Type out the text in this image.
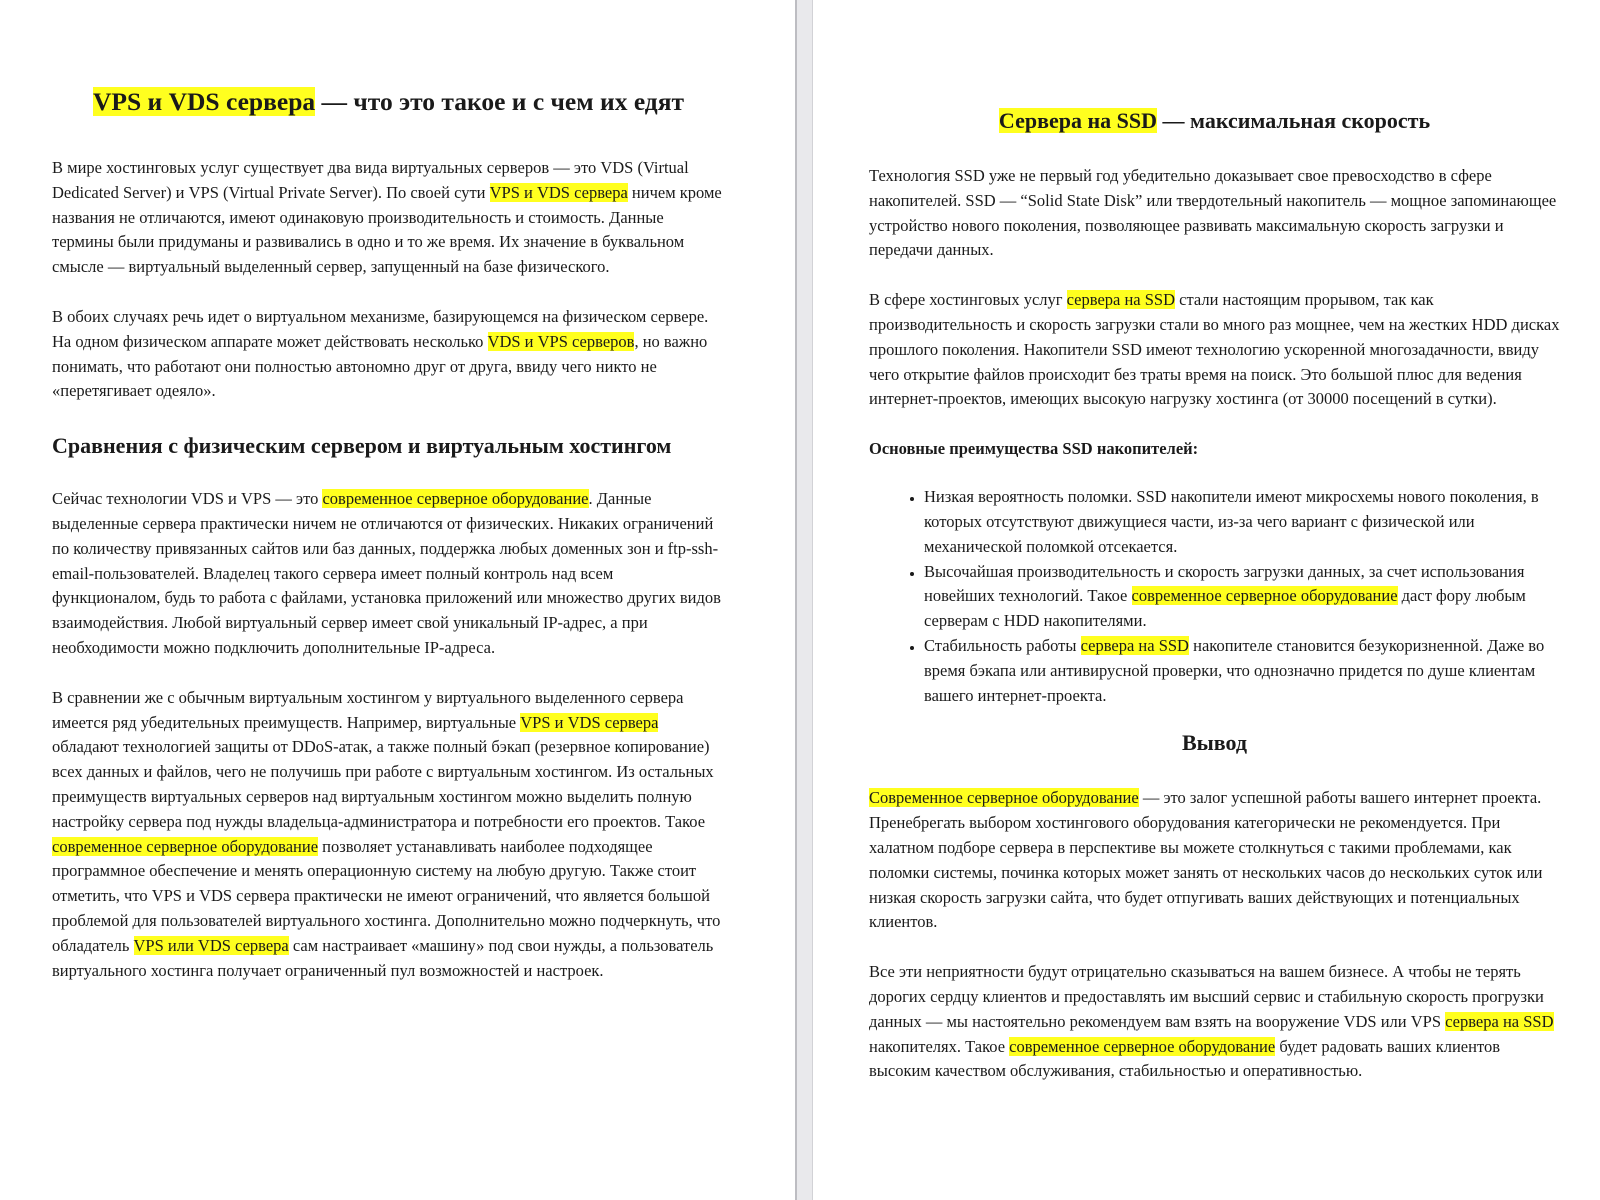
VPS и VDS сервера — что это такое и с чем их едят

В мире хостинговых услуг существует два вида виртуальных серверов — это VDS (Virtual Dedicated Server) и VPS (Virtual Private Server). По своей сути VPS и VDS сервера ничем кроме названия не отличаются, имеют одинаковую производительность и стоимость. Данные термины были придуманы и развивались в одно и то же время. Их значение в буквальном смысле — виртуальный выделенный сервер, запущенный на базе физического.

В обоих случаях речь идет о виртуальном механизме, базирующемся на физическом сервере. На одном физическом аппарате может действовать несколько VDS и VPS серверов, но важно понимать, что работают они полностью автономно друг от друга, ввиду чего никто не «перетягивает одеяло».

Сравнения с физическим сервером и виртуальным хостингом

Сейчас технологии VDS и VPS — это современное серверное оборудование. Данные выделенные сервера практически ничем не отличаются от физических. Никаких ограничений по количеству привязанных сайтов или баз данных, поддержка любых доменных зон и ftp-ssh-email-пользователей. Владелец такого сервера имеет полный контроль над всем функционалом, будь то работа с файлами, установка приложений или множество других видов взаимодействия. Любой виртуальный сервер имеет свой уникальный IP-адрес, а при необходимости можно подключить дополнительные IP-адреса.

В сравнении же с обычным виртуальным хостингом у виртуального выделенного сервера имеется ряд убедительных преимуществ. Например, виртуальные VPS и VDS сервера обладают технологией защиты от DDoS-атак, а также полный бэкап (резервное копирование) всех данных и файлов, чего не получишь при работе с виртуальным хостингом. Из остальных преимуществ виртуальных серверов над виртуальным хостингом можно выделить полную настройку сервера под нужды владельца-администратора и потребности его проектов. Такое современное серверное оборудование позволяет устанавливать наиболее подходящее программное обеспечение и менять операционную систему на любую другую. Также стоит отметить, что VPS и VDS сервера практически не имеют ограничений, что является большой проблемой для пользователей виртуального хостинга. Дополнительно можно подчеркнуть, что обладатель VPS или VDS сервера сам настраивает «машину» под свои нужды, а пользователь виртуального хостинга получает ограниченный пул возможностей и настроек.

Сервера на SSD — максимальная скорость

Технология SSD уже не первый год убедительно доказывает свое превосходство в сфере накопителей. SSD — “Solid State Disk” или твердотельный накопитель — мощное запоминающее устройство нового поколения, позволяющее развивать максимальную скорость загрузки и передачи данных.

В сфере хостинговых услуг сервера на SSD стали настоящим прорывом, так как производительность и скорость загрузки стали во много раз мощнее, чем на жестких HDD дисках прошлого поколения. Накопители SSD имеют технологию ускоренной многозадачности, ввиду чего открытие файлов происходит без траты время на поиск. Это большой плюс для ведения интернет-проектов, имеющих высокую нагрузку хостинга (от 30000 посещений в сутки).

Основные преимущества SSD накопителей:
• Низкая вероятность поломки. SSD накопители имеют микросхемы нового поколения, в которых отсутствуют движущиеся части, из-за чего вариант с физической или механической поломкой отсекается.
• Высочайшая производительность и скорость загрузки данных, за счет использования новейших технологий. Такое современное серверное оборудование даст фору любым серверам с HDD накопителями.
• Стабильность работы сервера на SSD накопителе становится безукоризненной. Даже во время бэкапа или антивирусной проверки, что однозначно придется по душе клиентам вашего интернет-проекта.
Вывод

Современное серверное оборудование — это залог успешной работы вашего интернет проекта. Пренебрегать выбором хостингового оборудования категорически не рекомендуется. При халатном подборе сервера в перспективе вы можете столкнуться с такими проблемами, как поломки системы, починка которых может занять от нескольких часов до нескольких суток или низкая скорость загрузки сайта, что будет отпугивать ваших действующих и потенциальных клиентов.

Все эти неприятности будут отрицательно сказываться на вашем бизнесе. А чтобы не терять дорогих сердцу клиентов и предоставлять им высший сервис и стабильную скорость прогрузки данных — мы настоятельно рекомендуем вам взять на вооружение VDS или VPS сервера на SSD накопителях. Такое современное серверное оборудование будет радовать ваших клиентов высоким качеством обслуживания, стабильностью и оперативностью.
